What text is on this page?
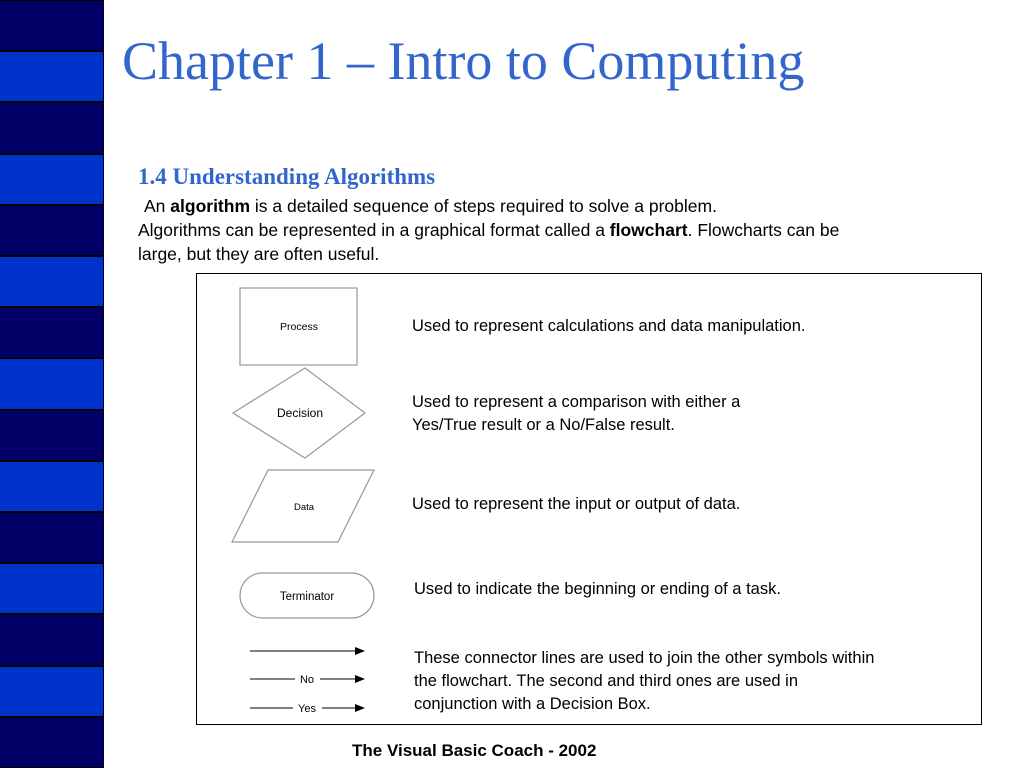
Chapter 1 – Intro to Computing
1.4 Understanding Algorithms
An algorithm is a detailed sequence of steps required to solve a problem.
Algorithms can be represented in a graphical format called a flowchart. Flowcharts can be
large, but they are often useful.
Process
Decision
Data
Terminator
No
Yes
Used to represent calculations and data manipulation.
Used to represent a comparison with either a
Yes/True result or a No/False result.
Used to represent the input or output of data.
Used to indicate the beginning or ending of a task.
These connector lines are used to join the other symbols within
the flowchart. The second and third ones are used in
conjunction with a Decision Box.
The Visual Basic Coach - 2002
